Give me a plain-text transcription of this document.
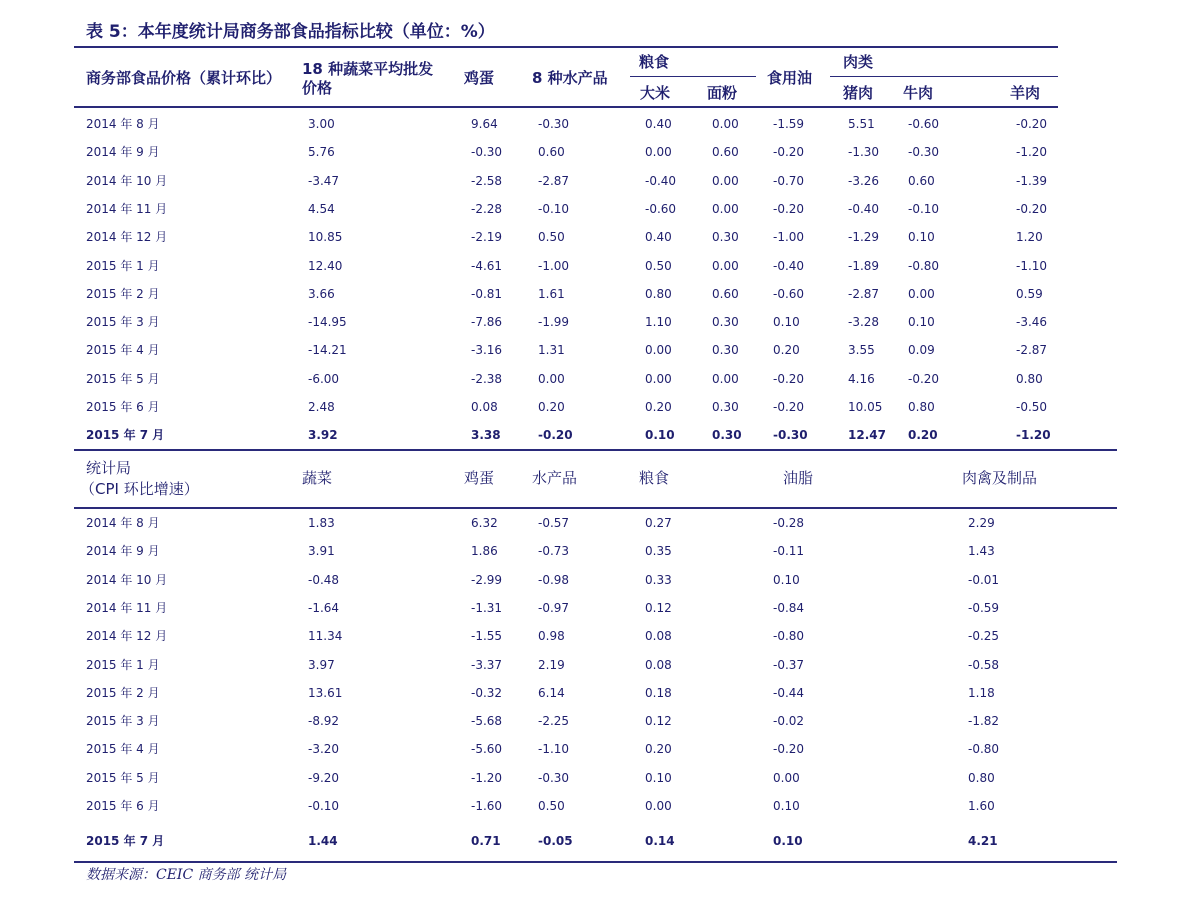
表 5：本年度统计局商务部食品指标比较（单位：%）
商务部食品价格（累计环比） 18 种蔬菜平均批发
价格
鸡蛋	8 种水产品
粮食
大米 面粉
食用油
肉类
猪肉 牛肉	羊肉
2014 年 8 月	3.00	9.64	-0.30	0.40	0.00	-1.59	5.51	-0.60	-0.20
2014 年 9 月	5.76	-0.30	0.60	0.00	0.60	-0.20	-1.30 -0.30	-1.20
2014 年 10 月	-3.47	-2.58	-2.87	-0.40	0.00	-0.70	-3.26 0.60	-1.39
2014 年 11 月	4.54	-2.28	-0.10	-0.60	0.00	-0.20	-0.40 -0.10	-0.20
2014 年 12 月	10.85	-2.19	0.50	0.40	0.30	-1.00	-1.29 0.10	1.20
2015 年 1 月	12.40	-4.61	-1.00	0.50	0.00	-0.40	-1.89 -0.80	-1.10
2015 年 2 月	3.66	-0.81	1.61	0.80	0.60	-0.60	-2.87 0.00	0.59
2015 年 3 月	-14.95	-7.86	-1.99	1.10	0.30	0.10	-3.28 0.10	-3.46
2015 年 4 月	-14.21	-3.16	1.31	0.00	0.30	0.20	3.55	0.09	-2.87
2015 年 5 月	-6.00	-2.38	0.00	0.00	0.00	-0.20	4.16	-0.20	0.80
2015 年 6 月	2.48	0.08	0.20	0.20	0.30	-0.20	10.05 0.80	-0.50
2015 年 7 月	3.92	3.38	-0.20	0.10	0.30	-0.30	12.47 0.20	-1.20
统计局
（CPI 环比增速）
蔬菜	鸡蛋	水产品	粮食	油脂	肉禽及制品
2014 年 8 月	1.83	6.32	-0.57	0.27	-0.28	2.29
2014 年 9 月	3.91	1.86	-0.73	0.35	-0.11	1.43
2014 年 10 月	-0.48	-2.99	-0.98	0.33	0.10	-0.01
2014 年 11 月	-1.64	-1.31	-0.97	0.12	-0.84	-0.59
2014 年 12 月	11.34	-1.55	0.98	0.08	-0.80	-0.25
2015 年 1 月	3.97	-3.37	2.19	0.08	-0.37	-0.58
2015 年 2 月	13.61	-0.32	6.14	0.18	-0.44	1.18
2015 年 3 月	-8.92	-5.68	-2.25	0.12	-0.02	-1.82
2015 年 4 月	-3.20	-5.60	-1.10	0.20	-0.20	-0.80
2015 年 5 月	-9.20	-1.20	-0.30	0.10	0.00	0.80
2015 年 6 月	-0.10	-1.60	0.50	0.00	0.10	1.60
2015 年 7 月	1.44	0.71	-0.05	0.14	0.10	4.21
数据来源：CEIC 商务部 统计局
